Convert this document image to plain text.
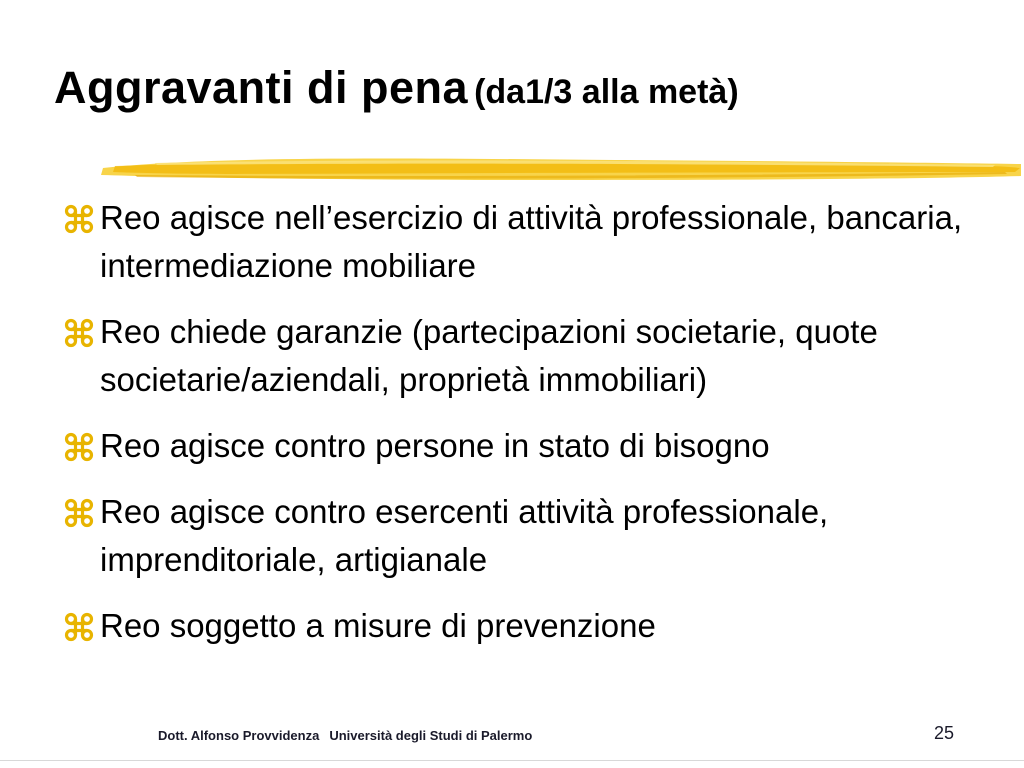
Aggravanti di pena (da1/3 alla metà)
Reo agisce nell’esercizio di attività professionale, bancaria, intermediazione mobiliare
Reo chiede garanzie (partecipazioni societarie, quote societarie/aziendali, proprietà immobiliari)
Reo agisce contro persone in stato di bisogno
Reo agisce contro esercenti attività professionale, imprenditoriale, artigianale
Reo soggetto a misure di prevenzione
Dott. Alfonso Provvidenza Università degli Studi di Palermo	25
